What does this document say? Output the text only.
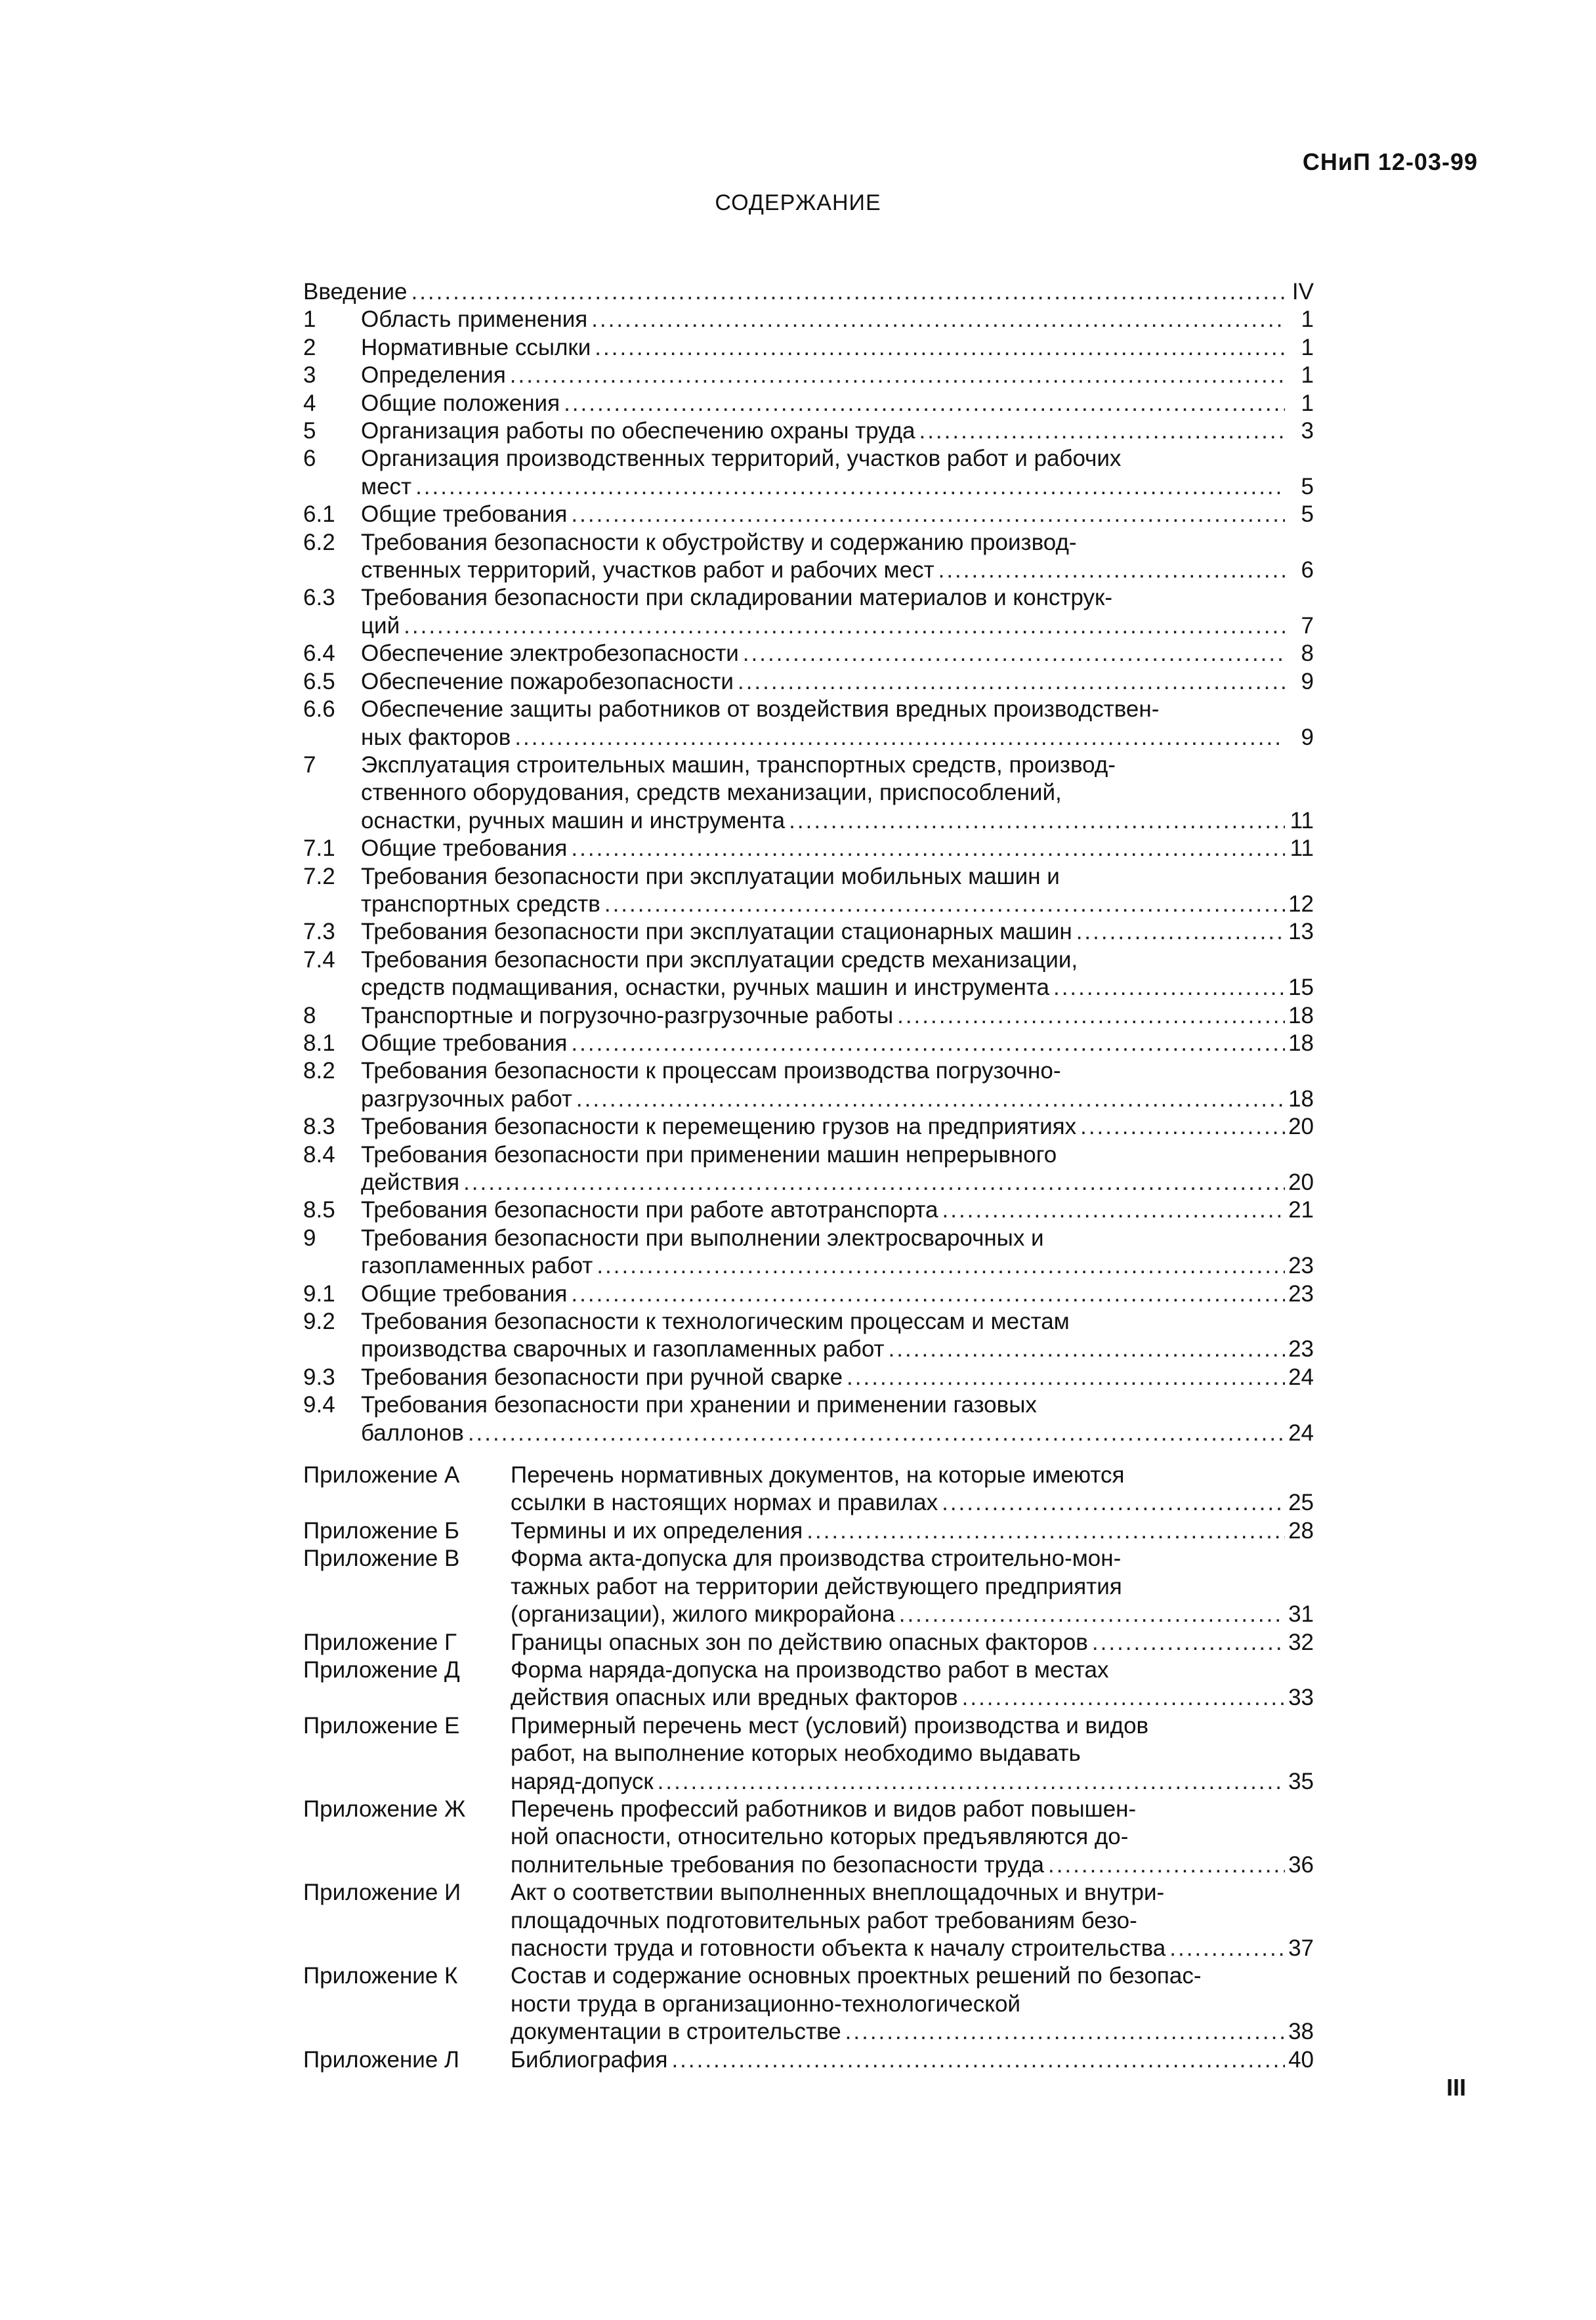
СНиП 12-03-99
СОДЕРЖАНИЕ
Введение .....	IV
1	Область применения .....	1
2	Нормативные ссылки .....	1
3	Определения .....	1
4	Общие положения .....	1
5	Организация работы по обеспечению охраны труда .....	3
6	Организация производственных территорий, участков работ и рабочих
мест .....	5
6.1	Общие требования .....	5
6.2	Требования безопасности к обустройству и содержанию производ-
ственных территорий, участков работ и рабочих мест .....	6
6.3	Требования безопасности при складировании материалов и конструк-
ций .....	7
6.4	Обеспечение электробезопасности .....	8
6.5	Обеспечение пожаробезопасности .....	9
6.6	Обеспечение защиты работников от воздействия вредных производствен-
ных факторов .....	9
7	Эксплуатация строительных машин, транспортных средств, производ-
ственного оборудования, средств механизации, приспособлений,
оснастки, ручных машин и инструмента .....	11
7.1	Общие требования .....	11
7.2	Требования безопасности при эксплуатации мобильных машин и
транспортных средств .....	12
7.3	Требования безопасности при эксплуатации стационарных машин .....	13
7.4	Требования безопасности при эксплуатации средств механизации,
средств подмащивания, оснастки, ручных машин и инструмента .....	15
8	Транспортные и погрузочно-разгрузочные работы .....	18
8.1	Общие требования .....	18
8.2	Требования безопасности к процессам производства погрузочно-
разгрузочных работ .....	18
8.3	Требования безопасности к перемещению грузов на предприятиях .....	20
8.4	Требования безопасности при применении машин непрерывного
действия .....	20
8.5	Требования безопасности при работе автотранспорта .....	21
9	Требования безопасности при выполнении электросварочных и
газопламенных работ .....	23
9.1	Общие требования .....	23
9.2	Требования безопасности к технологическим процессам и местам
производства сварочных и газопламенных работ .....	23
9.3	Требования безопасности при ручной сварке .....	24
9.4	Требования безопасности при хранении и применении газовых
баллонов .....	24
Приложение А	Перечень нормативных документов, на которые имеются
ссылки в настоящих нормах и правилах .....	25
Приложение Б	Термины и их определения .....	28
Приложение В	Форма акта-допуска для производства строительно-мон-
тажных работ на территории действующего предприятия
(организации), жилого микрорайона .....	31
Приложение Г	Границы опасных зон по действию опасных факторов .....	32
Приложение Д	Форма наряда-допуска на производство работ в местах
действия опасных или вредных факторов .....	33
Приложение Е	Примерный перечень мест (условий) производства и видов
работ, на выполнение которых необходимо выдавать
наряд-допуск .....	35
Приложение Ж	Перечень профессий работников и видов работ повышен-
ной опасности, относительно которых предъявляются до-
полнительные требования по безопасности труда .....	36
Приложение И	Акт о соответствии выполненных внеплощадочных и внутри-
площадочных подготовительных работ требованиям безо-
пасности труда и готовности объекта к началу строительства .....	37
Приложение К	Состав и содержание основных проектных решений по безопас-
ности труда в организационно-технологической
документации в строительстве .....	38
Приложение Л	Библиография .....	40
III
